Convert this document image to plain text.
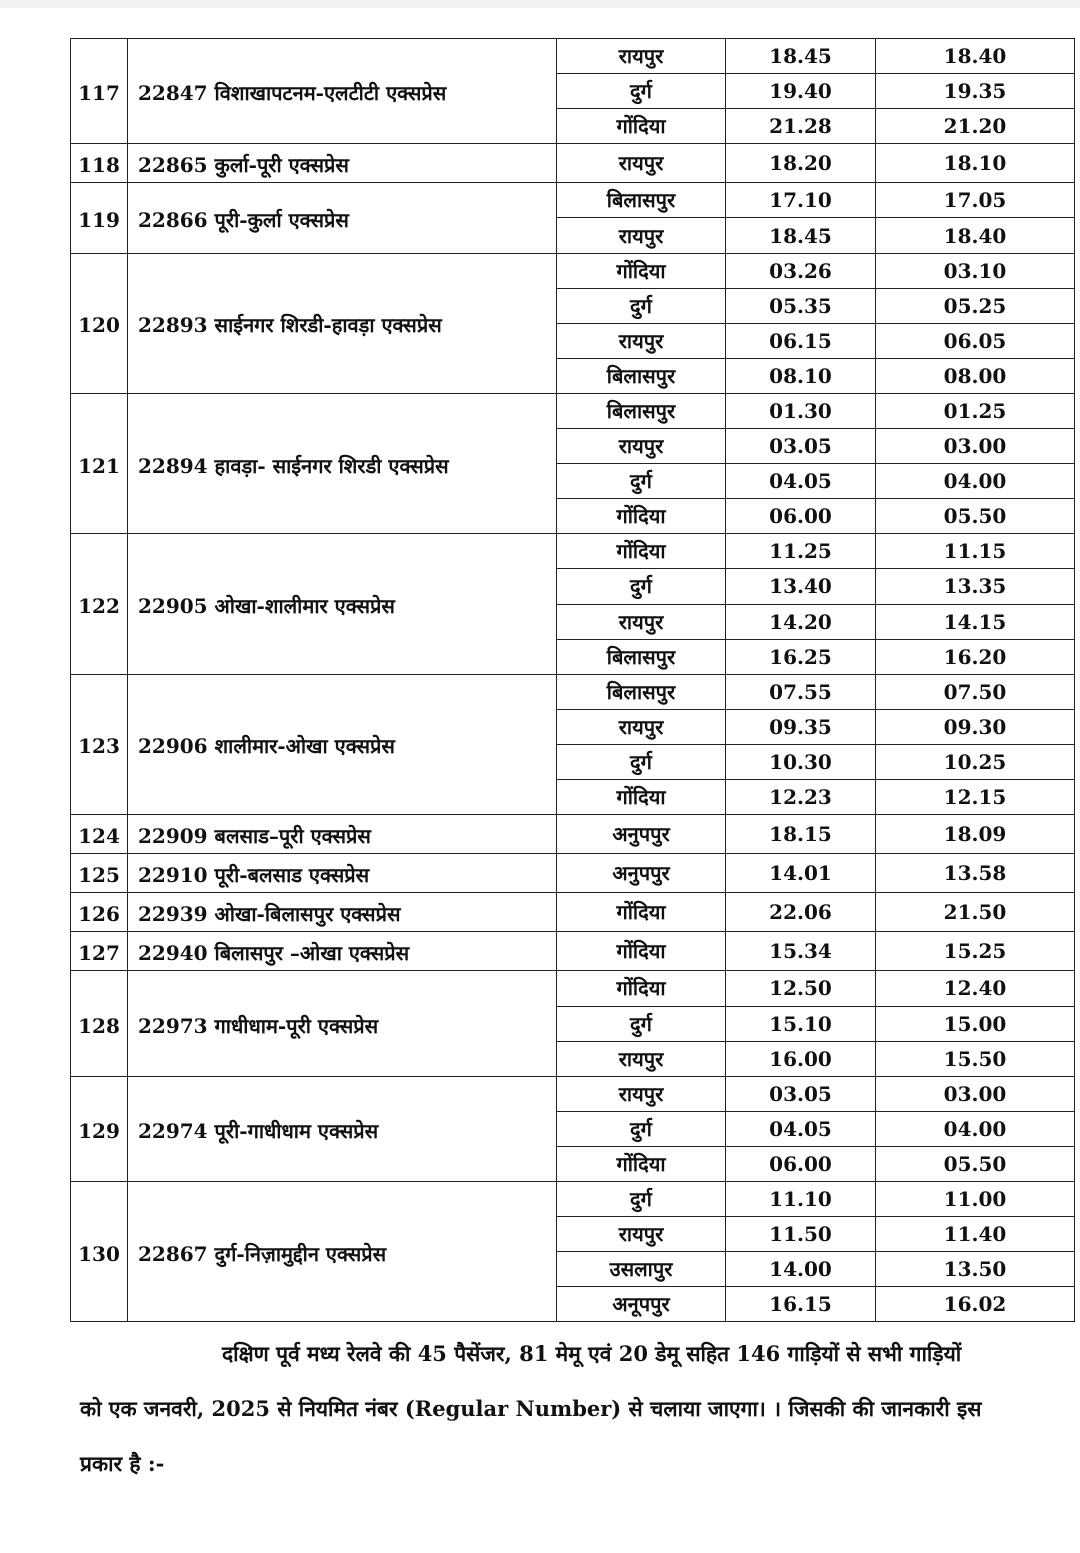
117	22847 विशाखापटनम-एलटीटी एक्सप्रेस	रायपुर	18.45	18.40
		दुर्ग	19.40	19.35
		गोंदिया	21.28	21.20
118	22865 कुर्ला-पूरी एक्सप्रेस	रायपुर	18.20	18.10
119	22866 पूरी-कुर्ला एक्सप्रेस	बिलासपुर	17.10	17.05
		रायपुर	18.45	18.40
120	22893 साईनगर शिरडी-हावड़ा एक्सप्रेस	गोंदिया	03.26	03.10
		दुर्ग	05.35	05.25
		रायपुर	06.15	06.05
		बिलासपुर	08.10	08.00
121	22894 हावड़ा- साईनगर शिरडी एक्सप्रेस	बिलासपुर	01.30	01.25
		रायपुर	03.05	03.00
		दुर्ग	04.05	04.00
		गोंदिया	06.00	05.50
122	22905 ओखा-शालीमार एक्सप्रेस	गोंदिया	11.25	11.15
		दुर्ग	13.40	13.35
		रायपुर	14.20	14.15
		बिलासपुर	16.25	16.20
123	22906 शालीमार-ओखा एक्सप्रेस	बिलासपुर	07.55	07.50
		रायपुर	09.35	09.30
		दुर्ग	10.30	10.25
		गोंदिया	12.23	12.15
124	22909 बलसाड–पूरी एक्सप्रेस	अनुपपुर	18.15	18.09
125	22910 पूरी-बलसाड एक्सप्रेस	अनुपपुर	14.01	13.58
126	22939 ओखा-बिलासपुर एक्सप्रेस	गोंदिया	22.06	21.50
127	22940 बिलासपुर –ओखा एक्सप्रेस	गोंदिया	15.34	15.25
128	22973 गाधीधाम-पूरी एक्सप्रेस	गोंदिया	12.50	12.40
		दुर्ग	15.10	15.00
		रायपुर	16.00	15.50
129	22974 पूरी-गाधीधाम एक्सप्रेस	रायपुर	03.05	03.00
		दुर्ग	04.05	04.00
		गोंदिया	06.00	05.50
130	22867 दुर्ग-निज़ामुद्दीन एक्सप्रेस	दुर्ग	11.10	11.00
		रायपुर	11.50	11.40
		उसलापुर	14.00	13.50
		अनूपपुर	16.15	16.02
दक्षिण पूर्व मध्य रेलवे की 45 पैसेंजर, 81 मेमू एवं 20 डेमू सहित 146 गाड़ियों से सभी गाड़ियों
को एक जनवरी, 2025 से नियमित नंबर (Regular Number) से चलाया जाएगा। । जिसकी की जानकारी इस
प्रकार है :-
